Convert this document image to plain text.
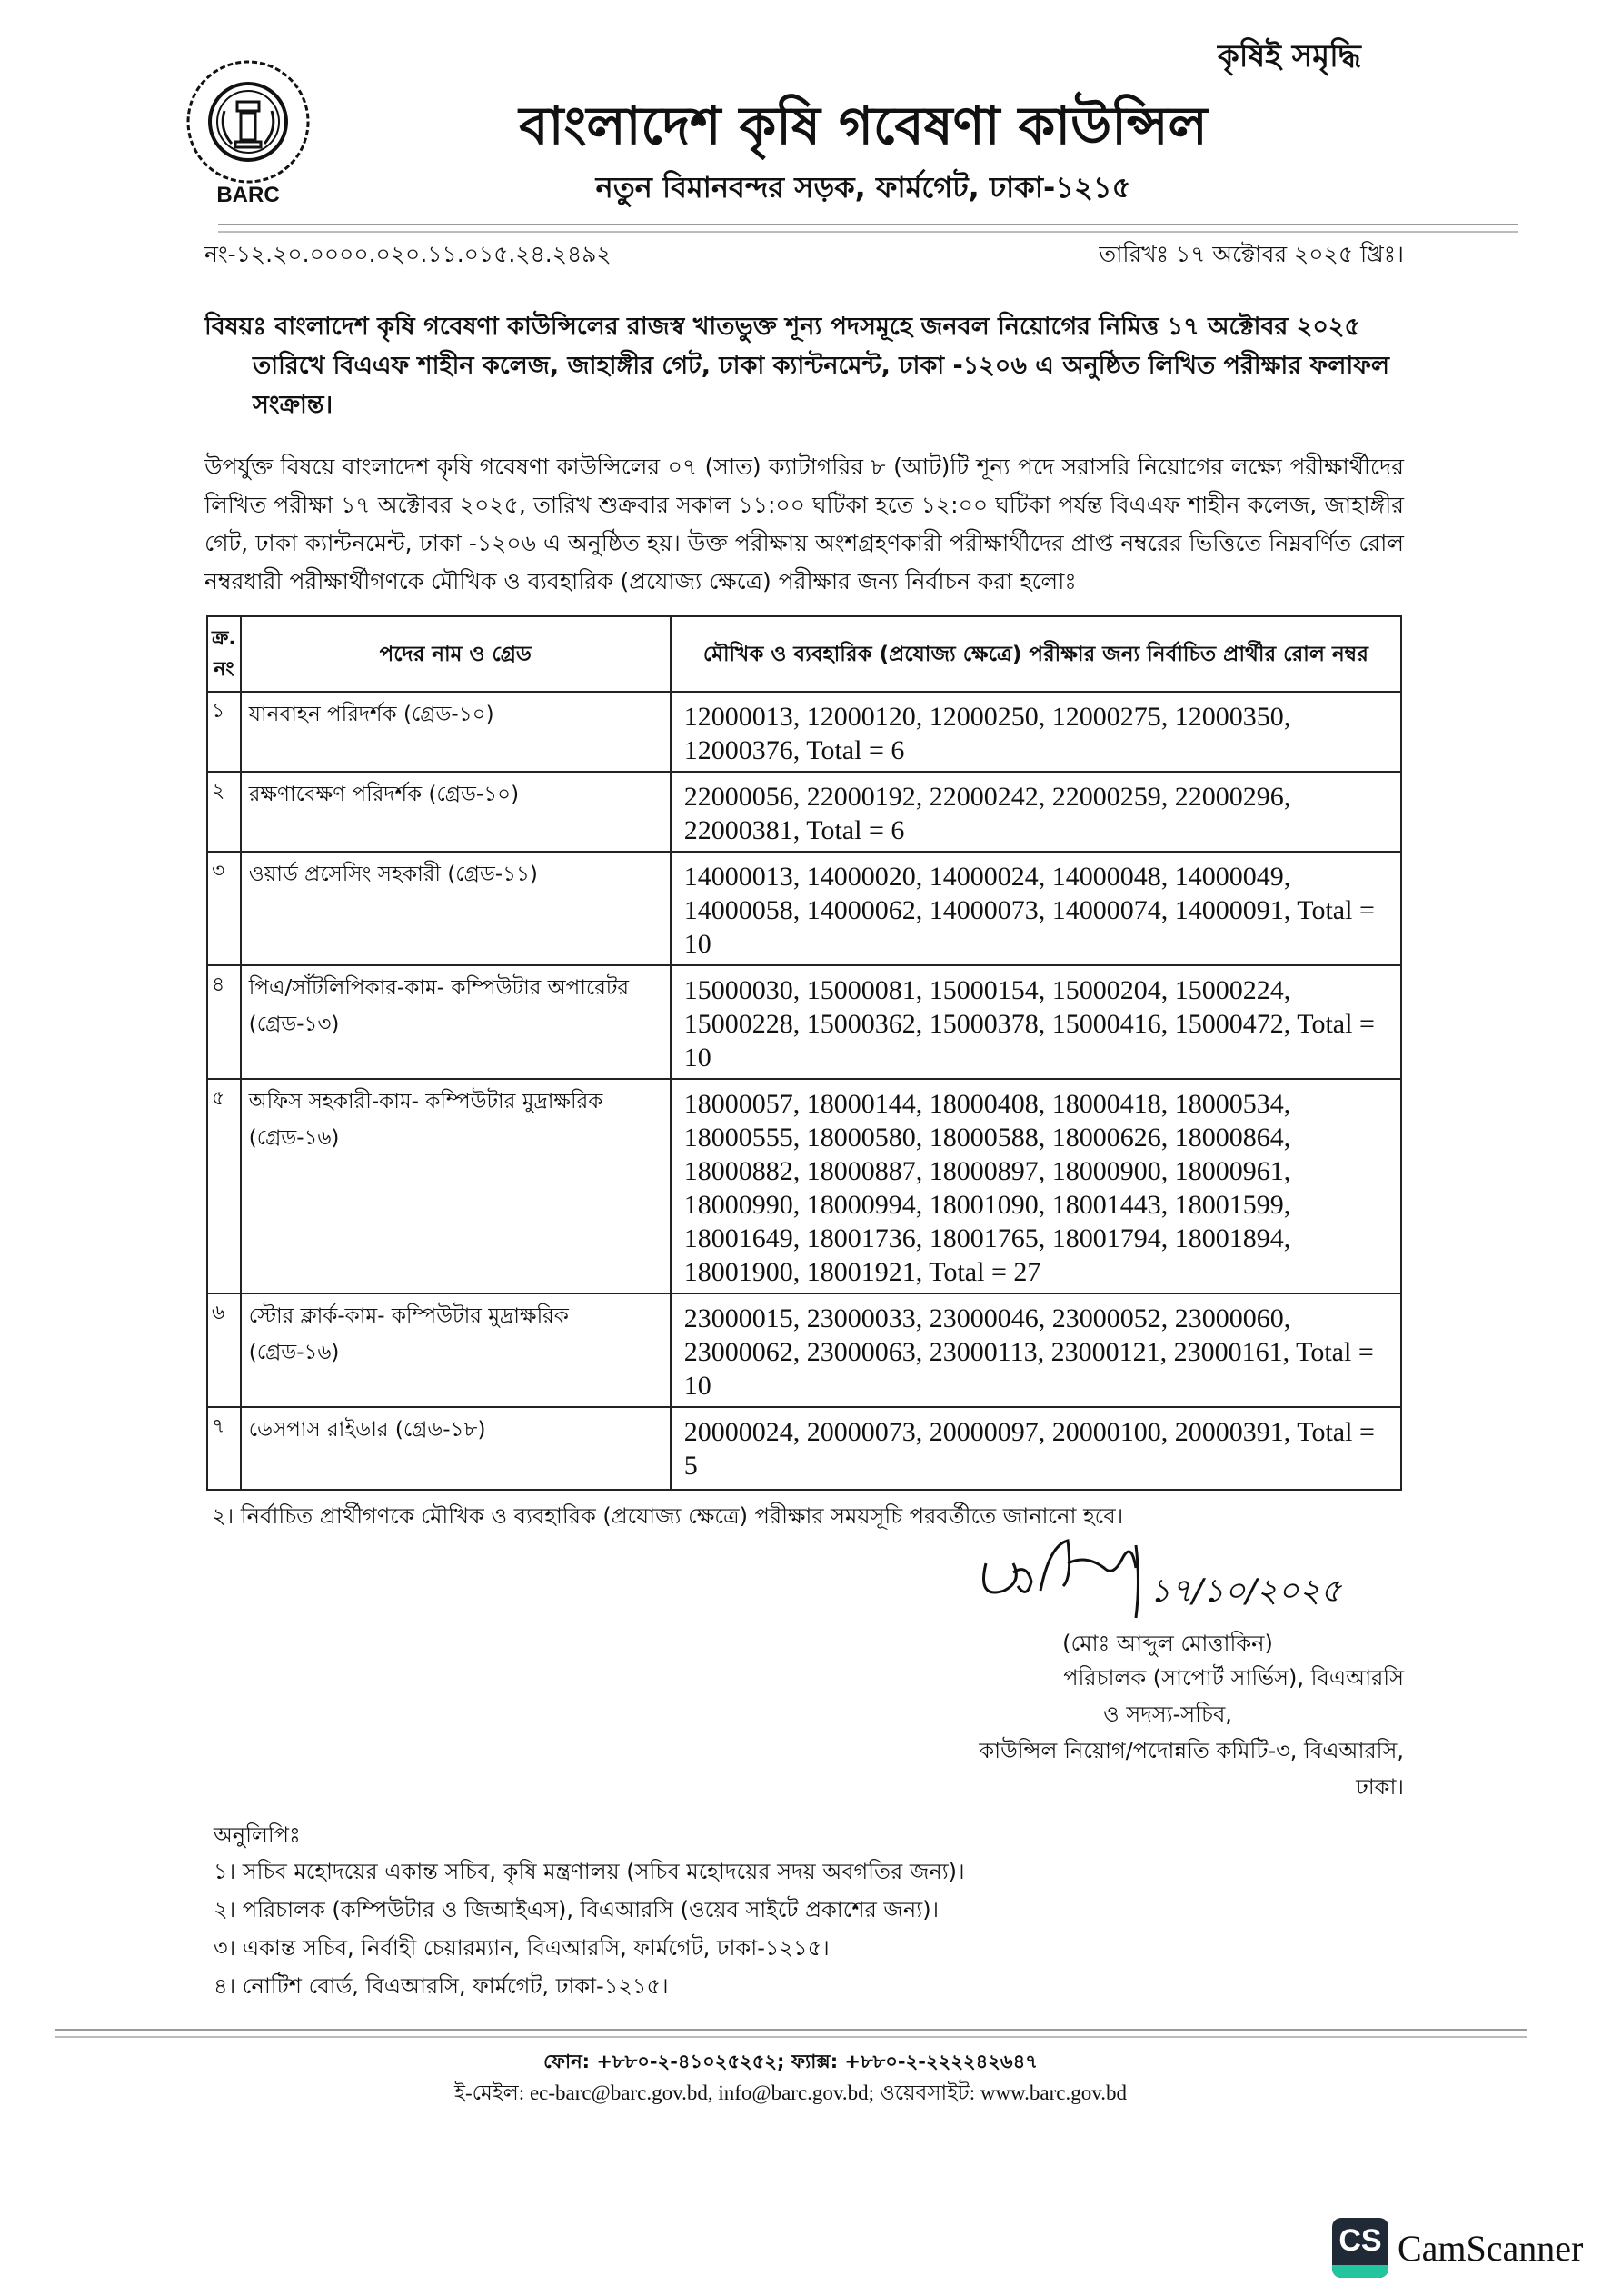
BARC
কৃষিই সমৃদ্ধি
বাংলাদেশ কৃষি গবেষণা কাউন্সিল
নতুন বিমানবন্দর সড়ক, ফার্মগেট, ঢাকা-১২১৫
নং-১২.২০.০০০০.০২০.১১.০১৫.২৪.২৪৯২	তারিখঃ ১৭ অক্টোবর ২০২৫ খ্রিঃ।
বিষয়ঃ বাংলাদেশ কৃষি গবেষণা কাউন্সিলের রাজস্ব খাতভুক্ত শূন্য পদসমূহে জনবল নিয়োগের নিমিত্ত ১৭ অক্টোবর ২০২৫
তারিখে বিএএফ শাহীন কলেজ, জাহাঙ্গীর গেট, ঢাকা ক্যান্টনমেন্ট, ঢাকা -১২০৬ এ অনুষ্ঠিত লিখিত পরীক্ষার ফলাফল সংক্রান্ত।
উপর্যুক্ত বিষয়ে বাংলাদেশ কৃষি গবেষণা কাউন্সিলের ০৭ (সাত) ক্যাটাগরির ৮ (আট)টি শূন্য পদে সরাসরি নিয়োগের লক্ষ্যে পরীক্ষার্থীদের লিখিত পরীক্ষা ১৭ অক্টোবর ২০২৫, তারিখ শুক্রবার সকাল ১১:০০ ঘটিকা হতে ১২:০০ ঘটিকা পর্যন্ত বিএএফ শাহীন কলেজ, জাহাঙ্গীর গেট, ঢাকা ক্যান্টনমেন্ট, ঢাকা -১২০৬ এ অনুষ্ঠিত হয়। উক্ত পরীক্ষায় অংশগ্রহণকারী পরীক্ষার্থীদের প্রাপ্ত নম্বরের ভিত্তিতে নিম্নবর্ণিত রোল নম্বরধারী পরীক্ষার্থীগণকে মৌখিক ও ব্যবহারিক (প্রযোজ্য ক্ষেত্রে) পরীক্ষার জন্য নির্বাচন করা হলোঃ
ক্র. নং	পদের নাম ও গ্রেড	মৌখিক ও ব্যবহারিক (প্রযোজ্য ক্ষেত্রে) পরীক্ষার জন্য নির্বাচিত প্রার্থীর রোল নম্বর
১	যানবাহন পরিদর্শক (গ্রেড-১০)	12000013, 12000120, 12000250, 12000275, 12000350, 12000376, Total = 6
২	রক্ষণাবেক্ষণ পরিদর্শক (গ্রেড-১০)	22000056, 22000192, 22000242, 22000259, 22000296, 22000381, Total = 6
৩	ওয়ার্ড প্রসেসিং সহকারী (গ্রেড-১১)	14000013, 14000020, 14000024, 14000048, 14000049, 14000058, 14000062, 14000073, 14000074, 14000091, Total = 10
৪	পিএ/সাঁটলিপিকার-কাম- কম্পিউটার অপারেটর (গ্রেড-১৩)	15000030, 15000081, 15000154, 15000204, 15000224, 15000228, 15000362, 15000378, 15000416, 15000472, Total = 10
৫	অফিস সহকারী-কাম- কম্পিউটার মুদ্রাক্ষরিক (গ্রেড-১৬)	18000057, 18000144, 18000408, 18000418, 18000534, 18000555, 18000580, 18000588, 18000626, 18000864, 18000882, 18000887, 18000897, 18000900, 18000961, 18000990, 18000994, 18001090, 18001443, 18001599, 18001649, 18001736, 18001765, 18001794, 18001894, 18001900, 18001921, Total = 27
৬	স্টোর ক্লার্ক-কাম- কম্পিউটার মুদ্রাক্ষরিক (গ্রেড-১৬)	23000015, 23000033, 23000046, 23000052, 23000060, 23000062, 23000063, 23000113, 23000121, 23000161, Total = 10
৭	ডেসপাস রাইডার (গ্রেড-১৮)	20000024, 20000073, 20000097, 20000100, 20000391, Total = 5
২। নির্বাচিত প্রার্থীগণকে মৌখিক ও ব্যবহারিক (প্রযোজ্য ক্ষেত্রে) পরীক্ষার সময়সূচি পরবর্তীতে জানানো হবে।
১৭/১০/২০২৫
(মোঃ আব্দুল মোত্তাকিন)
পরিচালক (সাপোর্ট সার্ভিস), বিএআরসি
ও সদস্য-সচিব,
কাউন্সিল নিয়োগ/পদোন্নতি কমিটি-৩, বিএআরসি, ঢাকা।
অনুলিপিঃ
১। সচিব মহোদয়ের একান্ত সচিব, কৃষি মন্ত্রণালয় (সচিব মহোদয়ের সদয় অবগতির জন্য)।
২। পরিচালক (কম্পিউটার ও জিআইএস), বিএআরসি (ওয়েব সাইটে প্রকাশের জন্য)।
৩। একান্ত সচিব, নির্বাহী চেয়ারম্যান, বিএআরসি, ফার্মগেট, ঢাকা-১২১৫।
৪। নোটিশ বোর্ড, বিএআরসি, ফার্মগেট, ঢাকা-১২১৫।
ফোন: +৮৮০-২-৪১০২৫২৫২; ফ্যাক্স: +৮৮০-২-২২২২৪২৬৪৭
ই-মেইল: ec-barc@barc.gov.bd, info@barc.gov.bd; ওয়েবসাইট: www.barc.gov.bd
CS CamScanner
